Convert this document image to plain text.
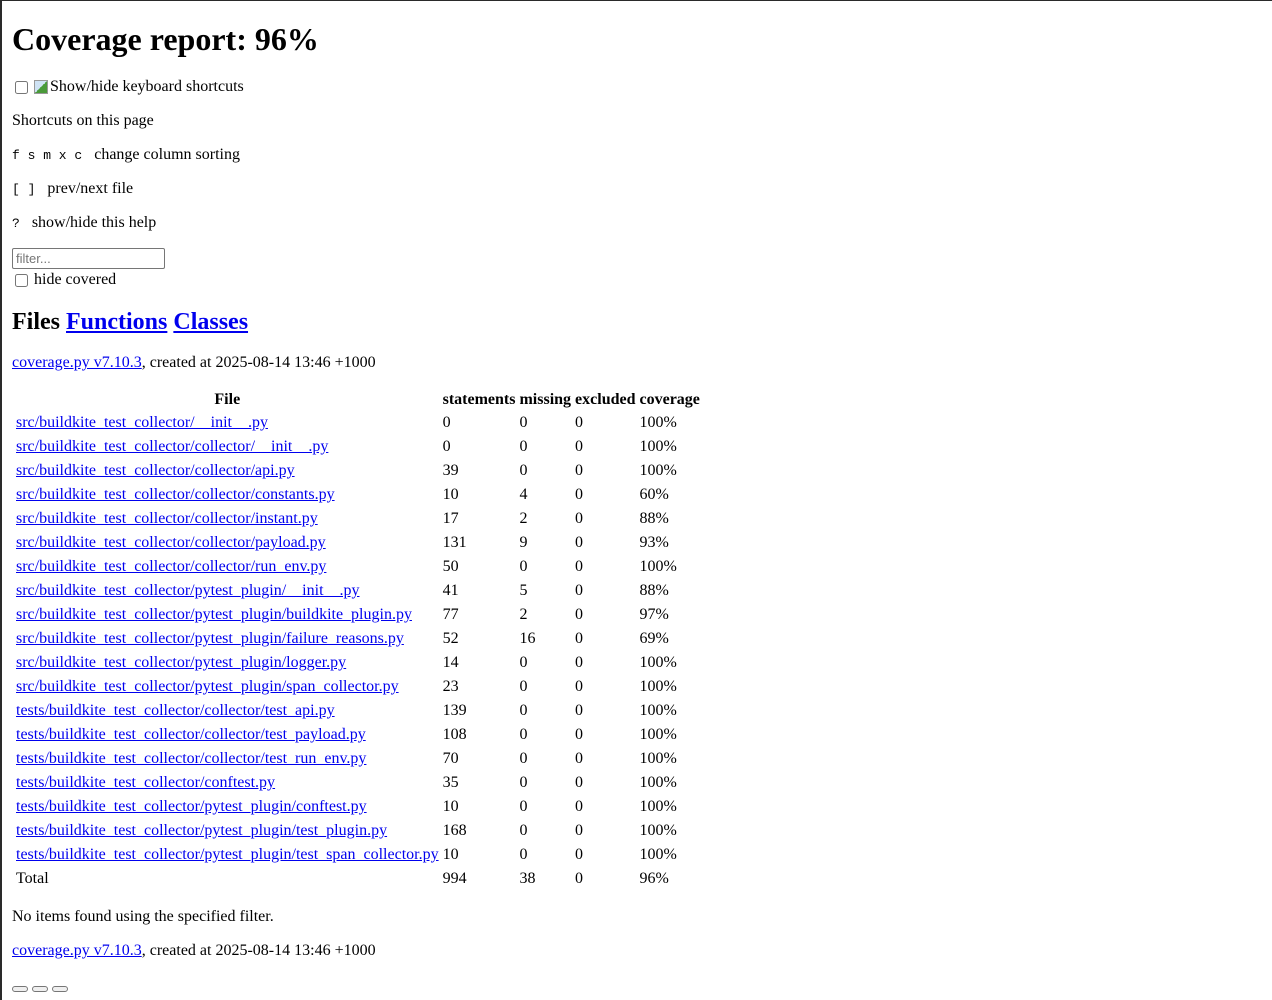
Coverage report: 96%
Show/hide keyboard shortcuts

Shortcuts on this page

f s m x c change column sorting

[ ] prev/next file

? show/hide this help

filter...
hide covered
Files Functions Classes

coverage.py v7.10.3, created at 2025-08-14 13:46 +1000

File	statements	missing	excluded	coverage
src/buildkite_test_collector/__init__.py	0	0	0	100%
src/buildkite_test_collector/collector/__init__.py	0	0	0	100%
src/buildkite_test_collector/collector/api.py	39	0	0	100%
src/buildkite_test_collector/collector/constants.py	10	4	0	60%
src/buildkite_test_collector/collector/instant.py	17	2	0	88%
src/buildkite_test_collector/collector/payload.py	131	9	0	93%
src/buildkite_test_collector/collector/run_env.py	50	0	0	100%
src/buildkite_test_collector/pytest_plugin/__init__.py	41	5	0	88%
src/buildkite_test_collector/pytest_plugin/buildkite_plugin.py	77	2	0	97%
src/buildkite_test_collector/pytest_plugin/failure_reasons.py	52	16	0	69%
src/buildkite_test_collector/pytest_plugin/logger.py	14	0	0	100%
src/buildkite_test_collector/pytest_plugin/span_collector.py	23	0	0	100%
tests/buildkite_test_collector/collector/test_api.py	139	0	0	100%
tests/buildkite_test_collector/collector/test_payload.py	108	0	0	100%
tests/buildkite_test_collector/collector/test_run_env.py	70	0	0	100%
tests/buildkite_test_collector/conftest.py	35	0	0	100%
tests/buildkite_test_collector/pytest_plugin/conftest.py	10	0	0	100%
tests/buildkite_test_collector/pytest_plugin/test_plugin.py	168	0	0	100%
tests/buildkite_test_collector/pytest_plugin/test_span_collector.py	10	0	0	100%
Total	994	38	0	96%

No items found using the specified filter.

coverage.py v7.10.3, created at 2025-08-14 13:46 +1000
